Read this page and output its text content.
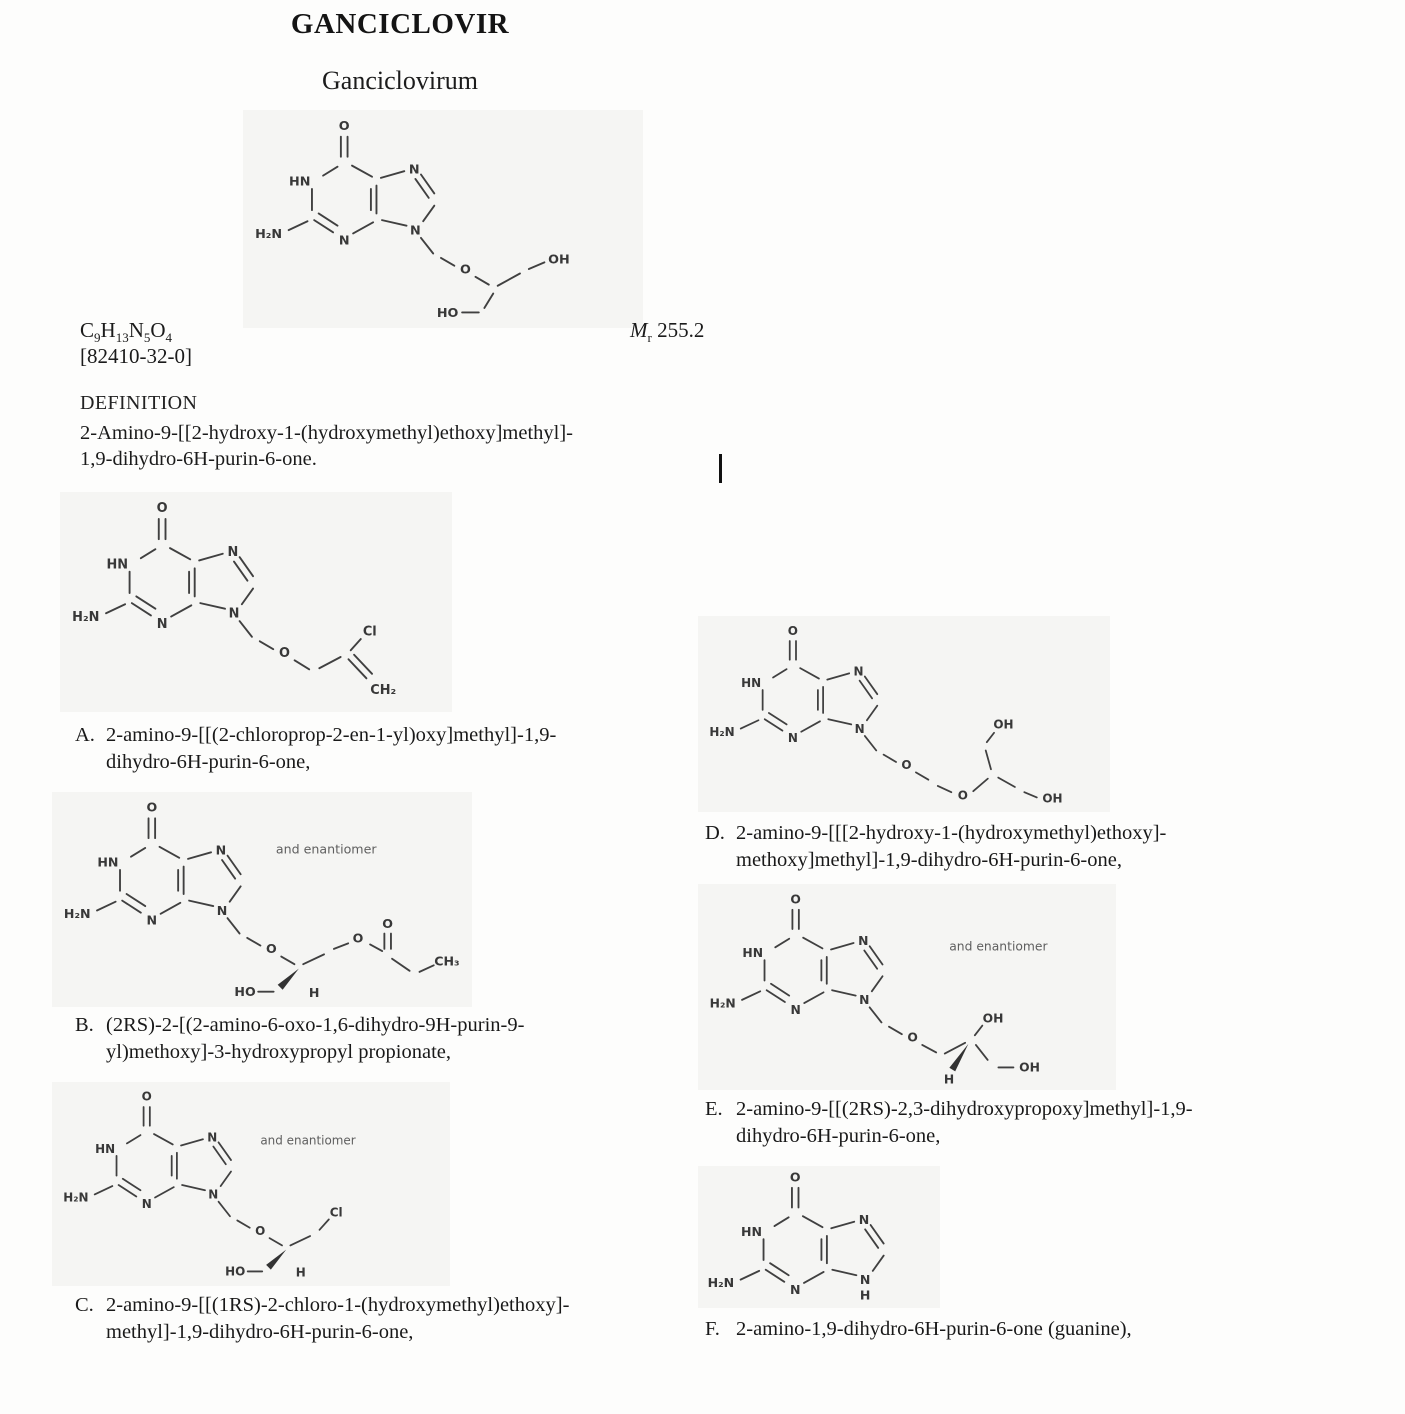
GANCICLOVIR
Ganciclovirum
O
HN
H₂N	N
N
N
O
OH
HO
$C_9H_{13}N_5O_4$
[82410-32-0]
$M_r$ 255.2
DEFINITION
2-Amino-9-[[2-hydroxy-1-(hydroxymethyl)ethoxy]methyl]-
1,9-dihydro-6H-purin-6-one.
O
HN
H₂N	N
N
N
O
Cl
CH₂
A. 2-amino-9-[[(2-chloroprop-2-en-1-yl)oxy]methyl]-1,9-
dihydro-6H-purin-6-one,
O
HN
H₂N	N
N
N
O
O
O
CH₃
HO	H
and enantiomer
B. (2RS)-2-[(2-amino-6-oxo-1,6-dihydro-9H-purin-9-
yl)methoxy]-3-hydroxypropyl propionate,
O
HN
H₂N	N
N
N
O
Cl
HO	H
and enantiomer
C. 2-amino-9-[[(1RS)-2-chloro-1-(hydroxymethyl)ethoxy]-
methyl]-1,9-dihydro-6H-purin-6-one,
O
HN
H₂N	N
N
N
O
O
OH
OH
D. 2-amino-9-[[[2-hydroxy-1-(hydroxymethyl)ethoxy]-
methoxy]methyl]-1,9-dihydro-6H-purin-6-one,
O
HN
H₂N	N
N
N
O
OH
H
OH
and enantiomer
E. 2-amino-9-[[(2RS)-2,3-dihydroxypropoxy]methyl]-1,9-
dihydro-6H-purin-6-one,
O
HN
H₂N	N
N
N
H
F. 2-amino-1,9-dihydro-6H-purin-6-one (guanine),
